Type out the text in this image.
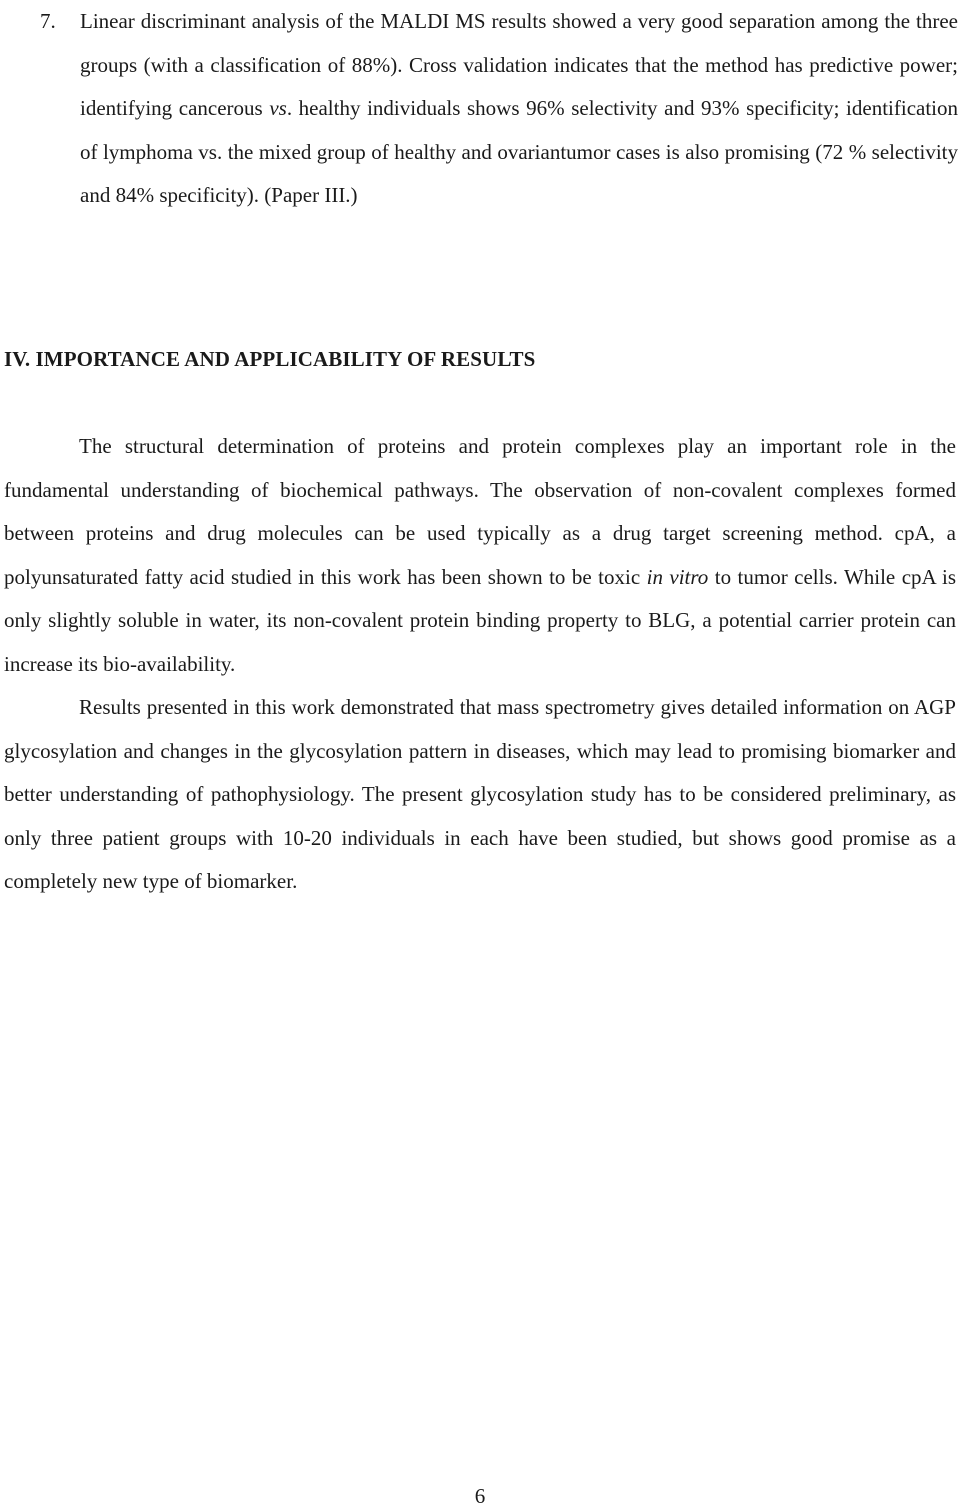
7. Linear discriminant analysis of the MALDI MS results showed a very good separation among the three groups (with a classification of 88%). Cross validation indicates that the method has predictive power; identifying cancerous vs. healthy individuals shows 96% selectivity and 93% specificity; identification of lymphoma vs. the mixed group of healthy and ovariantumor cases is also promising (72 % selectivity and 84% specificity). (Paper III.)

IV. IMPORTANCE AND APPLICABILITY OF RESULTS

The structural determination of proteins and protein complexes play an important role in the fundamental understanding of biochemical pathways. The observation of non-covalent complexes formed between proteins and drug molecules can be used typically as a drug target screening method. cpA, a polyunsaturated fatty acid studied in this work has been shown to be toxic in vitro to tumor cells. While cpA is only slightly soluble in water, its non-covalent protein binding property to BLG, a potential carrier protein can increase its bio-availability.

Results presented in this work demonstrated that mass spectrometry gives detailed information on AGP glycosylation and changes in the glycosylation pattern in diseases, which may lead to promising biomarker and better understanding of pathophysiology. The present glycosylation study has to be considered preliminary, as only three patient groups with 10-20 individuals in each have been studied, but shows good promise as a completely new type of biomarker.

6
